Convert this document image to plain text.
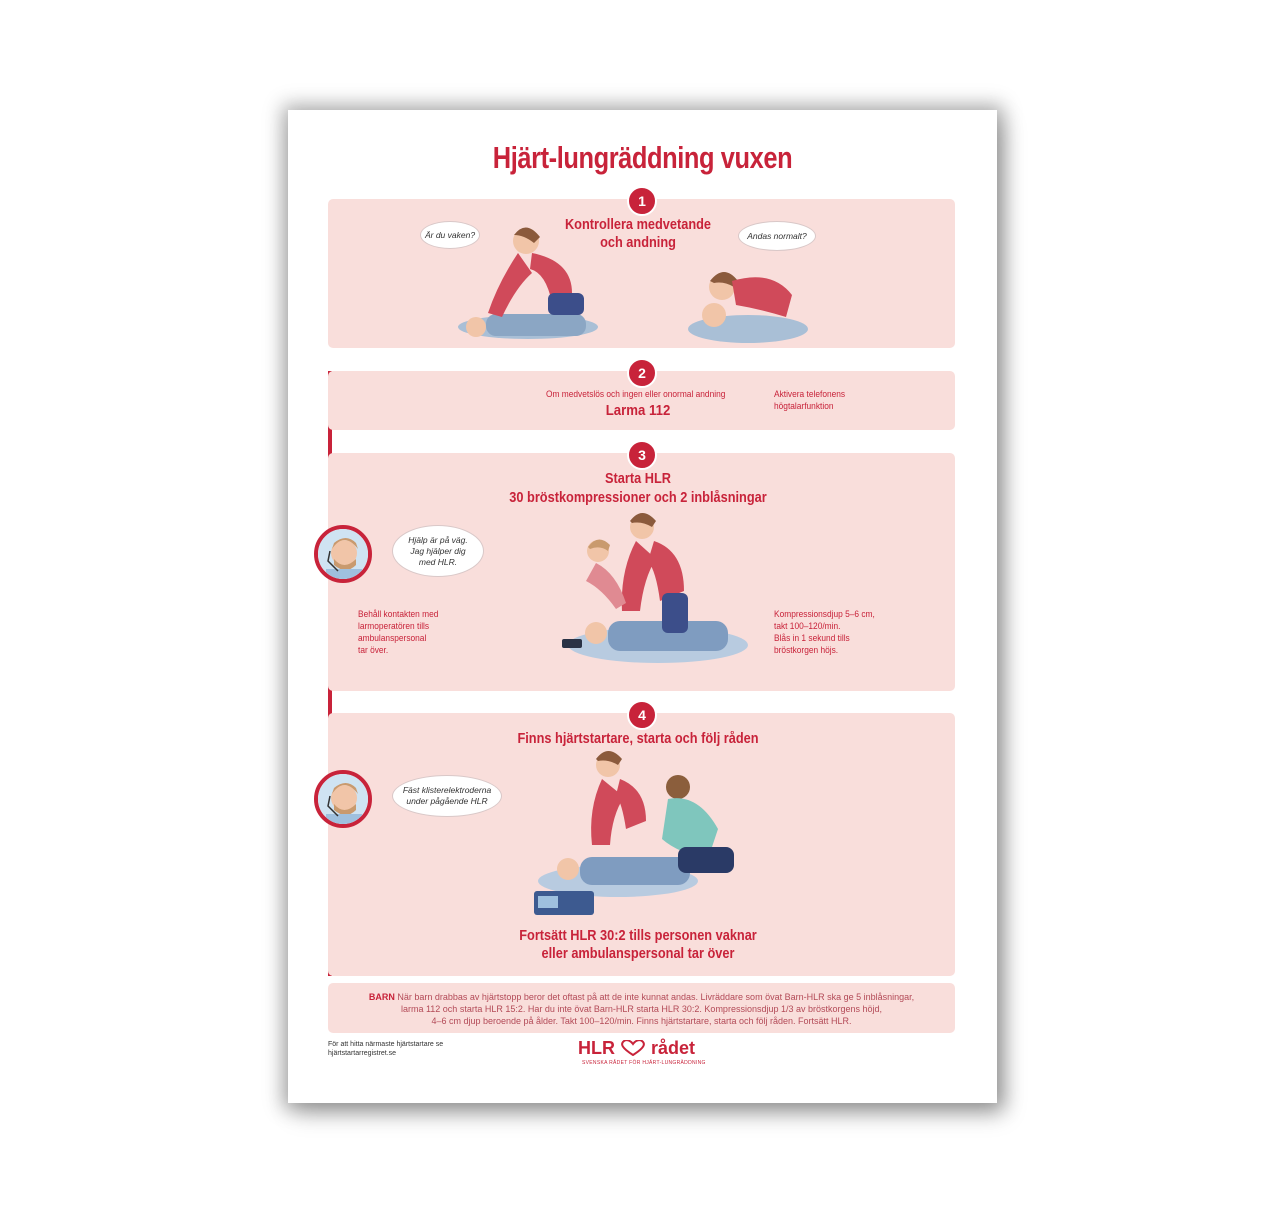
Hjärt-lungräddning vuxen
Kontrollera medvetande
och andning
Är du vaken?	Andas normalt?
1
Om medvetslös och ingen eller onormal andning
Larma 112
Aktivera telefonens
högtalarfunktion
2
Starta HLR
30 bröstkompressioner och 2 inblåsningar
Hjälp är på väg.
Jag hjälper dig
med HLR.
Behåll kontakten med
larmoperatören tills
ambulanspersonal
tar över.
Kompressionsdjup 5–6 cm,
takt 100–120/min.
Blås in 1 sekund tills
bröstkorgen höjs.
3
Finns hjärtstartare, starta och följ råden
Fäst klisterelektroderna
under pågående HLR
Fortsätt HLR 30:2 tills personen vaknar
eller ambulanspersonal tar över
4
BARN När barn drabbas av hjärtstopp beror det oftast på att de inte kunnat andas. Livräddare som övat Barn-HLR ska ge 5 inblåsningar,
larma 112 och starta HLR 15:2. Har du inte övat Barn-HLR starta HLR 30:2. Kompressionsdjup 1/3 av bröstkorgens höjd,
4–6 cm djup beroende på ålder. Takt 100–120/min. Finns hjärtstartare, starta och följ råden. Fortsätt HLR.
För att hitta närmaste hjärtstartare se
hjärtstartarregistret.se	HLR rådet
SVENSKA RÅDET FÖR HJÄRT-LUNGRÄDDNING
